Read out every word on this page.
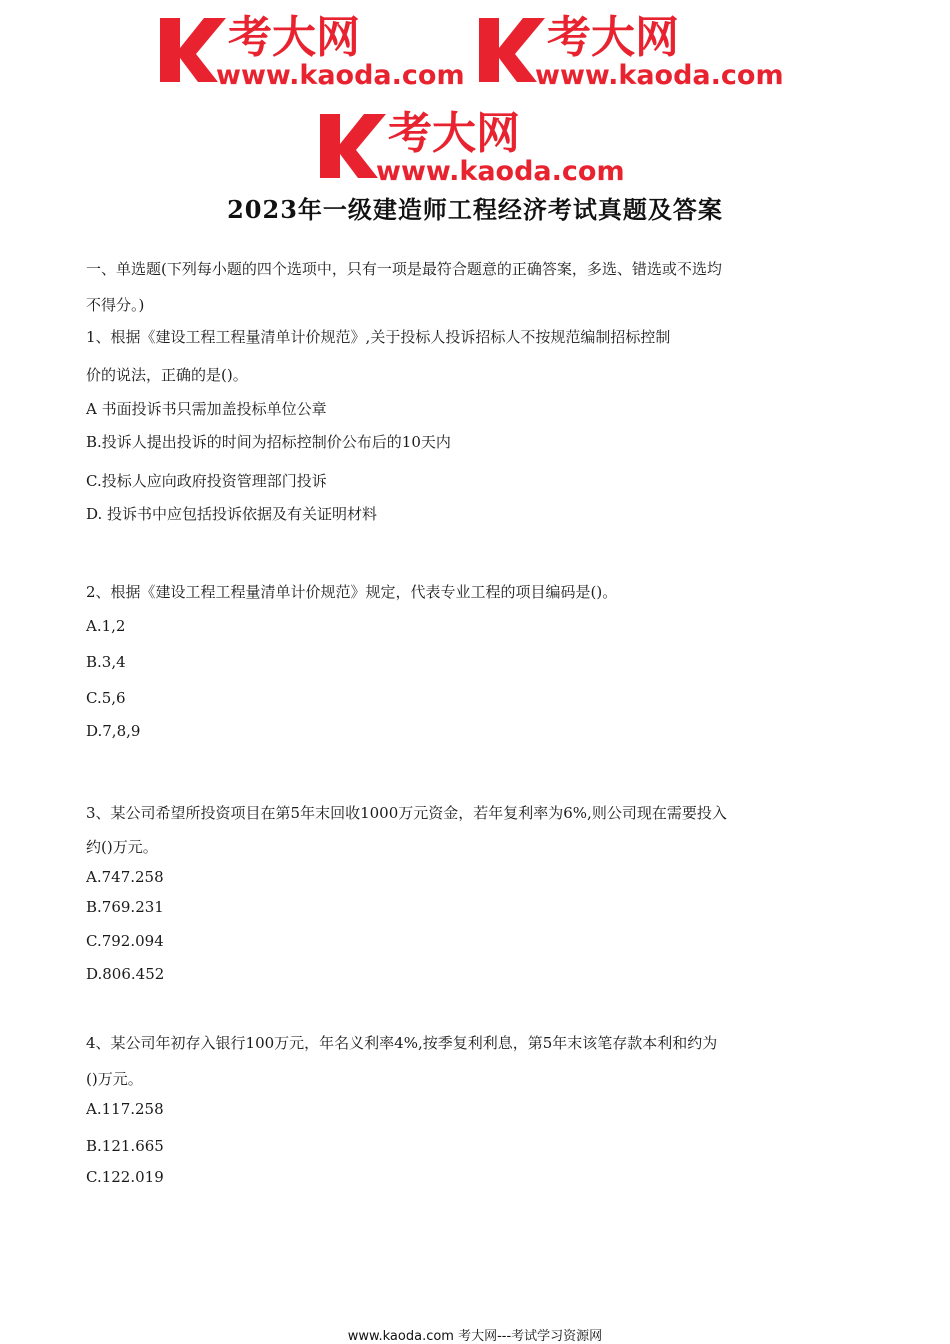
考大网
www.kaoda.com
考大网
www.kaoda.com
考大网
www.kaoda.com
2023年一级建造师工程经济考试真题及答案
一、单选题(下列每小题的四个选项中，只有一项是最符合题意的正确答案，多选、错选或不选均
不得分。)
1、根据《建设工程工程量清单计价规范》,关于投标人投诉招标人不按规范编制招标控制
价的说法，正确的是()。
A 书面投诉书只需加盖投标单位公章
B.投诉人提出投诉的时间为招标控制价公布后的10天内
C.投标人应向政府投资管理部门投诉
D. 投诉书中应包括投诉依据及有关证明材料
2、根据《建设工程工程量清单计价规范》规定，代表专业工程的项目编码是()。
A.1,2
B.3,4
C.5,6
D.7,8,9
3、某公司希望所投资项目在第5年末回收1000万元资金，若年复利率为6%,则公司现在需要投入
约()万元。
A.747.258
B.769.231
C.792.094
D.806.452
4、某公司年初存入银行100万元，年名义利率4%,按季复利利息，第5年末该笔存款本利和约为
()万元。
A.117.258
B.121.665
C.122.019
www.kaoda.com 考大网---考试学习资源网
